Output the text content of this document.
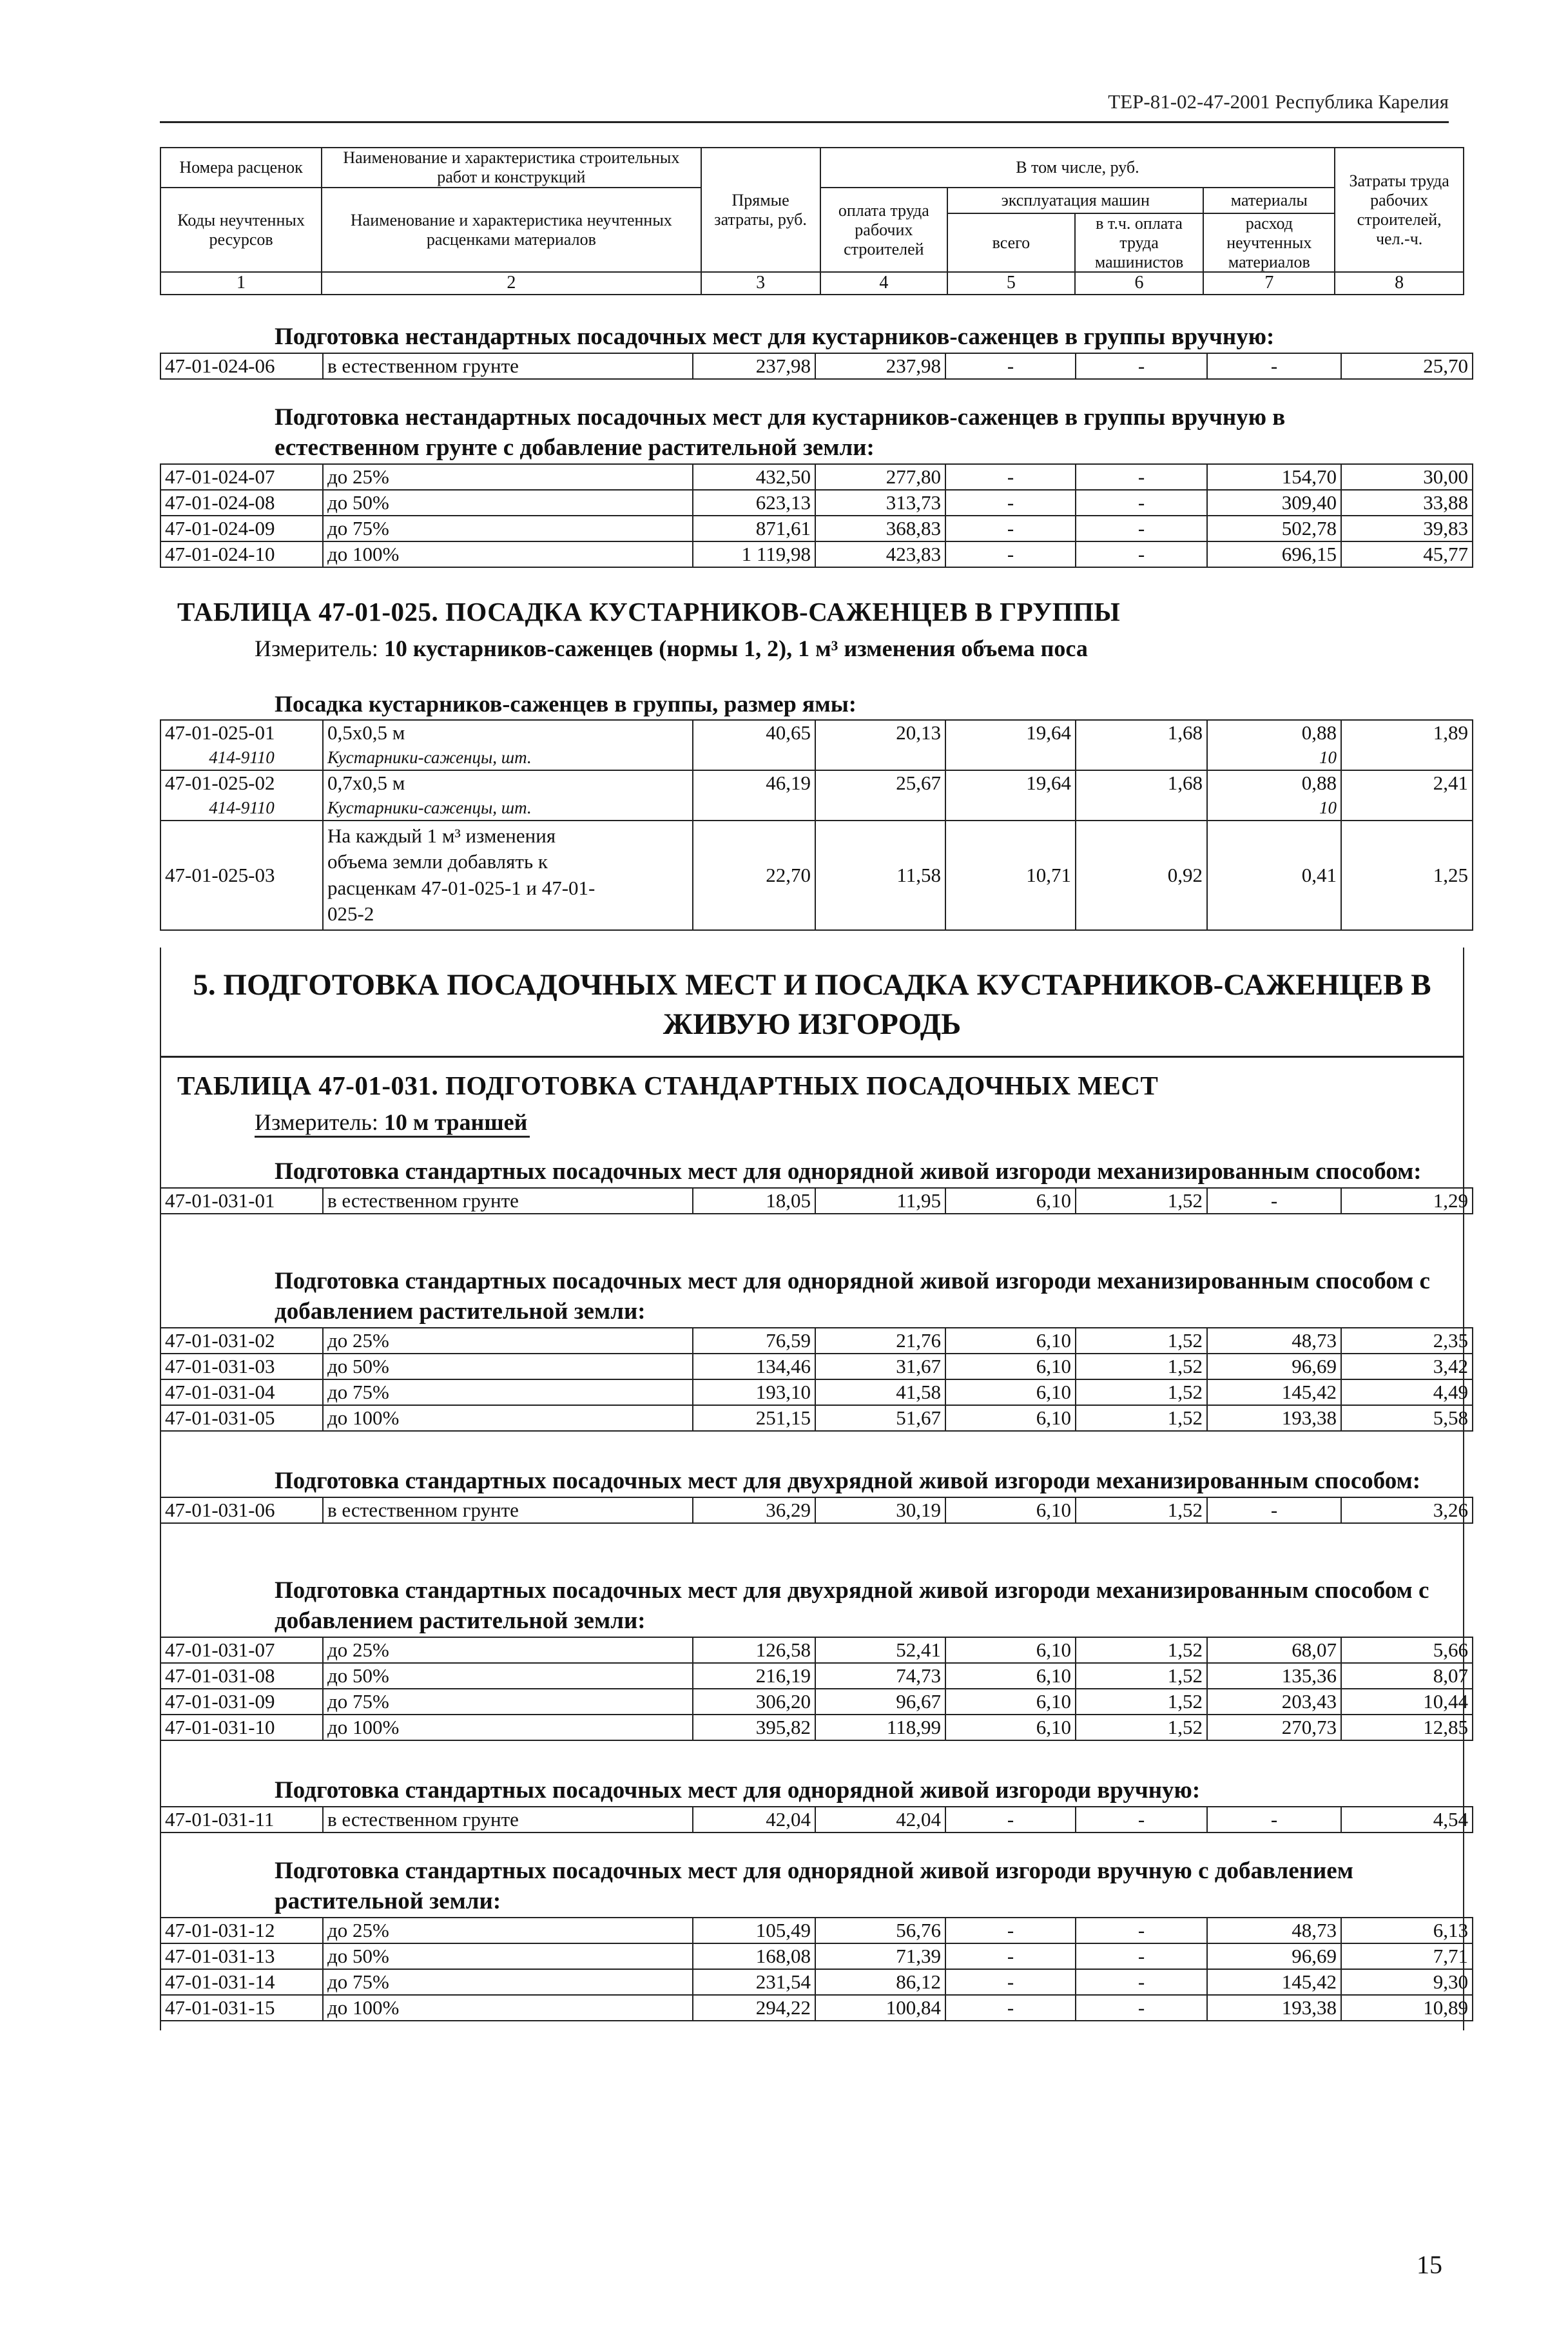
ТЕР-81-02-47-2001 Республика Карелия
Номера расценок	Наименование и характеристика строительных работ и конструкций	Прямые затраты, руб.	В том числе, руб.				Затраты труда рабочих строителей, чел.-ч.
Коды неучтенных ресурсов	Наименование и характеристика неучтенных расценками материалов		оплата труда рабочих строителей	эксплуатация машин		материалы	
				всего	в т.ч. оплата труда машинистов	расход неучтенных материалов	
1	2	3	4	5	6	7	8
Подготовка нестандартных посадочных мест для кустарников-саженцев в группы вручную:
47-01-024-06	в естественном грунте	237,98	237,98	-	-	-	25,70
Подготовка нестандартных посадочных мест для кустарников-саженцев в группы вручную в естественном грунте с добавление растительной земли:
47-01-024-07	до 25%	432,50	277,80	-	-	154,70	30,00
47-01-024-08	до 50%	623,13	313,73	-	-	309,40	33,88
47-01-024-09	до 75%	871,61	368,83	-	-	502,78	39,83
47-01-024-10	до 100%	1 119,98	423,83	-	-	696,15	45,77
ТАБЛИЦА 47-01-025. ПОСАДКА КУСТАРНИКОВ-САЖЕНЦЕВ В ГРУППЫ
Измеритель: 10 кустарников-саженцев (нормы 1, 2), 1 м³ изменения объема поса
Посадка кустарников-саженцев в группы, размер ямы:
47-01-025-01	0,5х0,5 м	40,65	20,13	19,64	1,68	0,88	1,89
414-9110	Кустарники-саженцы, шт.					10	
47-01-025-02	0,7х0,5 м	46,19	25,67	19,64	1,68	0,88	2,41
414-9110	Кустарники-саженцы, шт.					10	
47-01-025-03	На каждый 1 м³ изменения
объема земли добавлять к
расценкам 47-01-025-1 и 47-01-
025-2	22,70	11,58	10,71	0,92	0,41	1,25
5. ПОДГОТОВКА ПОСАДОЧНЫХ МЕСТ И ПОСАДКА КУСТАРНИКОВ-САЖЕНЦЕВ В
ЖИВУЮ ИЗГОРОДЬ
ТАБЛИЦА 47-01-031. ПОДГОТОВКА СТАНДАРТНЫХ ПОСАДОЧНЫХ МЕСТ
Измеритель: 10 м траншей
Подготовка стандартных посадочных мест для однорядной живой изгороди механизированным способом:
47-01-031-01	в естественном грунте	18,05	11,95	6,10	1,52	-	1,29
Подготовка стандартных посадочных мест для однорядной живой изгороди механизированным способом с добавлением растительной земли:
47-01-031-02	до 25%	76,59	21,76	6,10	1,52	48,73	2,35
47-01-031-03	до 50%	134,46	31,67	6,10	1,52	96,69	3,42
47-01-031-04	до 75%	193,10	41,58	6,10	1,52	145,42	4,49
47-01-031-05	до 100%	251,15	51,67	6,10	1,52	193,38	5,58
Подготовка стандартных посадочных мест для двухрядной живой изгороди механизированным способом:
47-01-031-06	в естественном грунте	36,29	30,19	6,10	1,52	-	3,26
Подготовка стандартных посадочных мест для двухрядной живой изгороди механизированным способом с добавлением растительной земли:
47-01-031-07	до 25%	126,58	52,41	6,10	1,52	68,07	5,66
47-01-031-08	до 50%	216,19	74,73	6,10	1,52	135,36	8,07
47-01-031-09	до 75%	306,20	96,67	6,10	1,52	203,43	10,44
47-01-031-10	до 100%	395,82	118,99	6,10	1,52	270,73	12,85
Подготовка стандартных посадочных мест для однорядной живой изгороди вручную:
47-01-031-11	в естественном грунте	42,04	42,04	-	-	-	4,54
Подготовка стандартных посадочных мест для однорядной живой изгороди вручную с добавлением растительной земли:
47-01-031-12	до 25%	105,49	56,76	-	-	48,73	6,13
47-01-031-13	до 50%	168,08	71,39	-	-	96,69	7,71
47-01-031-14	до 75%	231,54	86,12	-	-	145,42	9,30
47-01-031-15	до 100%	294,22	100,84	-	-	193,38	10,89
15
